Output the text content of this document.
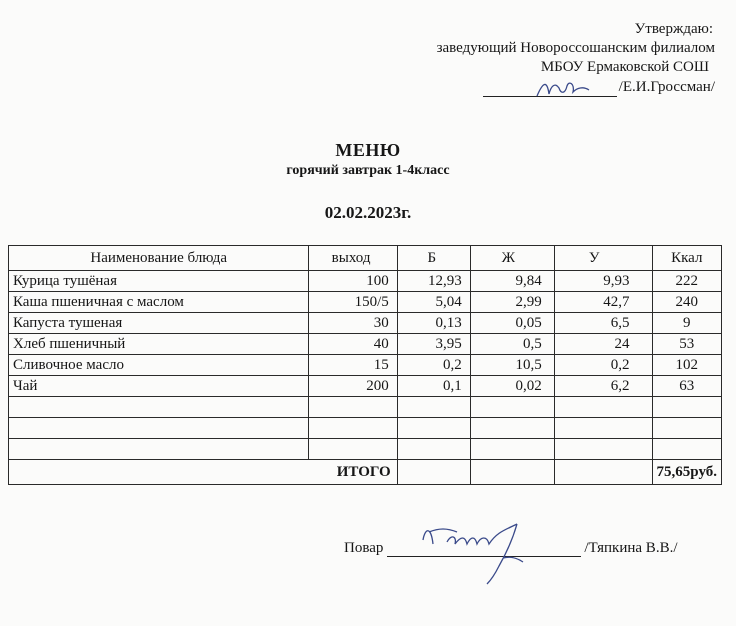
Утверждаю:
заведующий Новороссошанским филиалом
МБОУ Ермаковской СОШ
/Е.И.Гроссман/
МЕНЮ
горячий завтрак 1-4класс
02.02.2023г.
Наименование блюда	выход	Б	Ж	У	Ккал
Курица тушёная	100	12,93	9,84	9,93	222
Каша пшеничная с маслом	150/5	5,04	2,99	42,7	240
Капуста тушеная	30	0,13	0,05	6,5	9
Хлеб пшеничный	40	3,95	0,5	24	53
Сливочное масло	15	0,2	10,5	0,2	102
Чай	200	0,1	0,02	6,2	63

ИТОГО					75,65руб.
Повар	/Тяпкина В.В./
